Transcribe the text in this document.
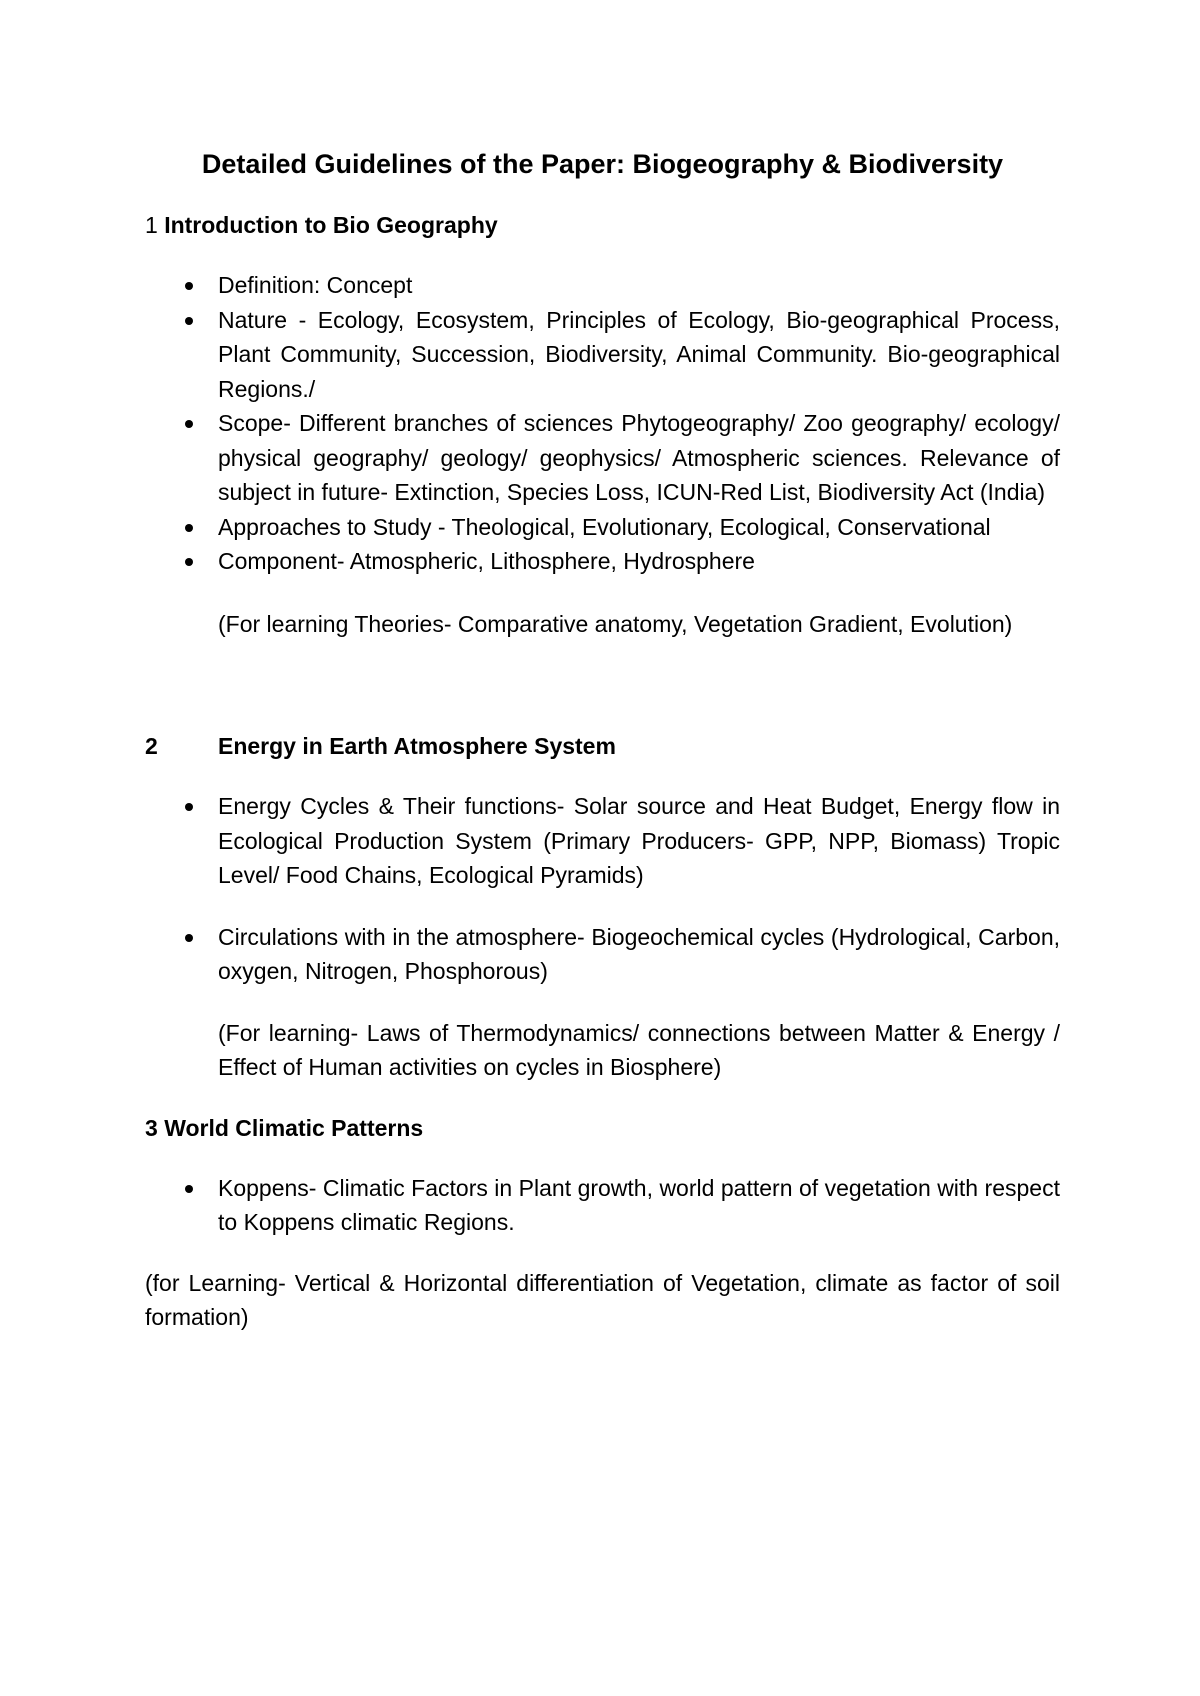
Detailed Guidelines of the Paper: Biogeography & Biodiversity
1 Introduction to Bio Geography
Definition: Concept
Nature - Ecology, Ecosystem, Principles of Ecology, Bio-geographical Process, Plant Community, Succession, Biodiversity, Animal Community. Bio-geographical Regions./
Scope- Different branches of sciences Phytogeography/ Zoo geography/ ecology/ physical geography/ geology/ geophysics/ Atmospheric sciences. Relevance of subject in future- Extinction, Species Loss, ICUN-Red List, Biodiversity Act (India)
Approaches to Study - Theological, Evolutionary, Ecological, Conservational
Component- Atmospheric, Lithosphere, Hydrosphere

(For learning Theories- Comparative anatomy, Vegetation Gradient, Evolution)

2	Energy in Earth Atmosphere System
Energy Cycles & Their functions- Solar source and Heat Budget, Energy flow in Ecological Production System (Primary Producers- GPP, NPP, Biomass) Tropic Level/ Food Chains, Ecological Pyramids)
Circulations with in the atmosphere- Biogeochemical cycles (Hydrological, Carbon, oxygen, Nitrogen, Phosphorous)

(For learning- Laws of Thermodynamics/ connections between Matter & Energy / Effect of Human activities on cycles in Biosphere)

3 World Climatic Patterns
Koppens- Climatic Factors in Plant growth, world pattern of vegetation with respect to Koppens climatic Regions.

(for Learning- Vertical & Horizontal differentiation of Vegetation, climate as factor of soil formation)
